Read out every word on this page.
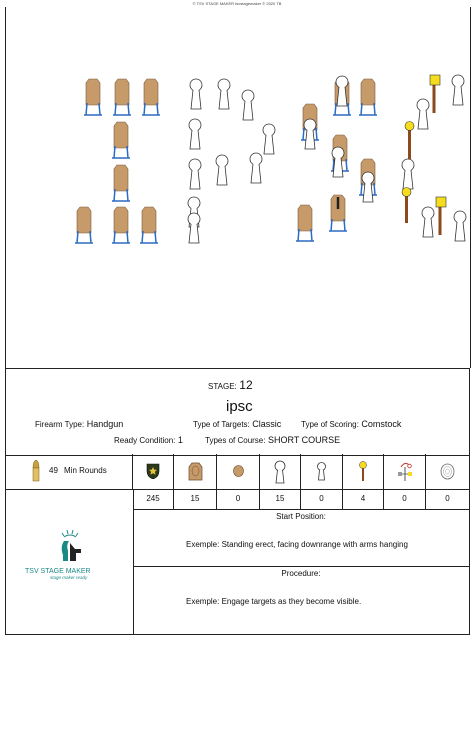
© TSV STAGE MAKER tsvstagemaker © 2020 TB
STAGE: 12
ipsc
Firearm Type: Handgun	Type of Targets: Classic Type of Scoring: Comstock
Ready Condition: 1	Types of Course: SHORT COURSE
49 Min Rounds
TSV STAGE MAKER
stage maker ready
245	15	0	15	0	4	0	0
Start Position:
Exemple: Standing erect, facing downrange with arms hanging
Procedure:
Exemple: Engage targets as they become visible.
